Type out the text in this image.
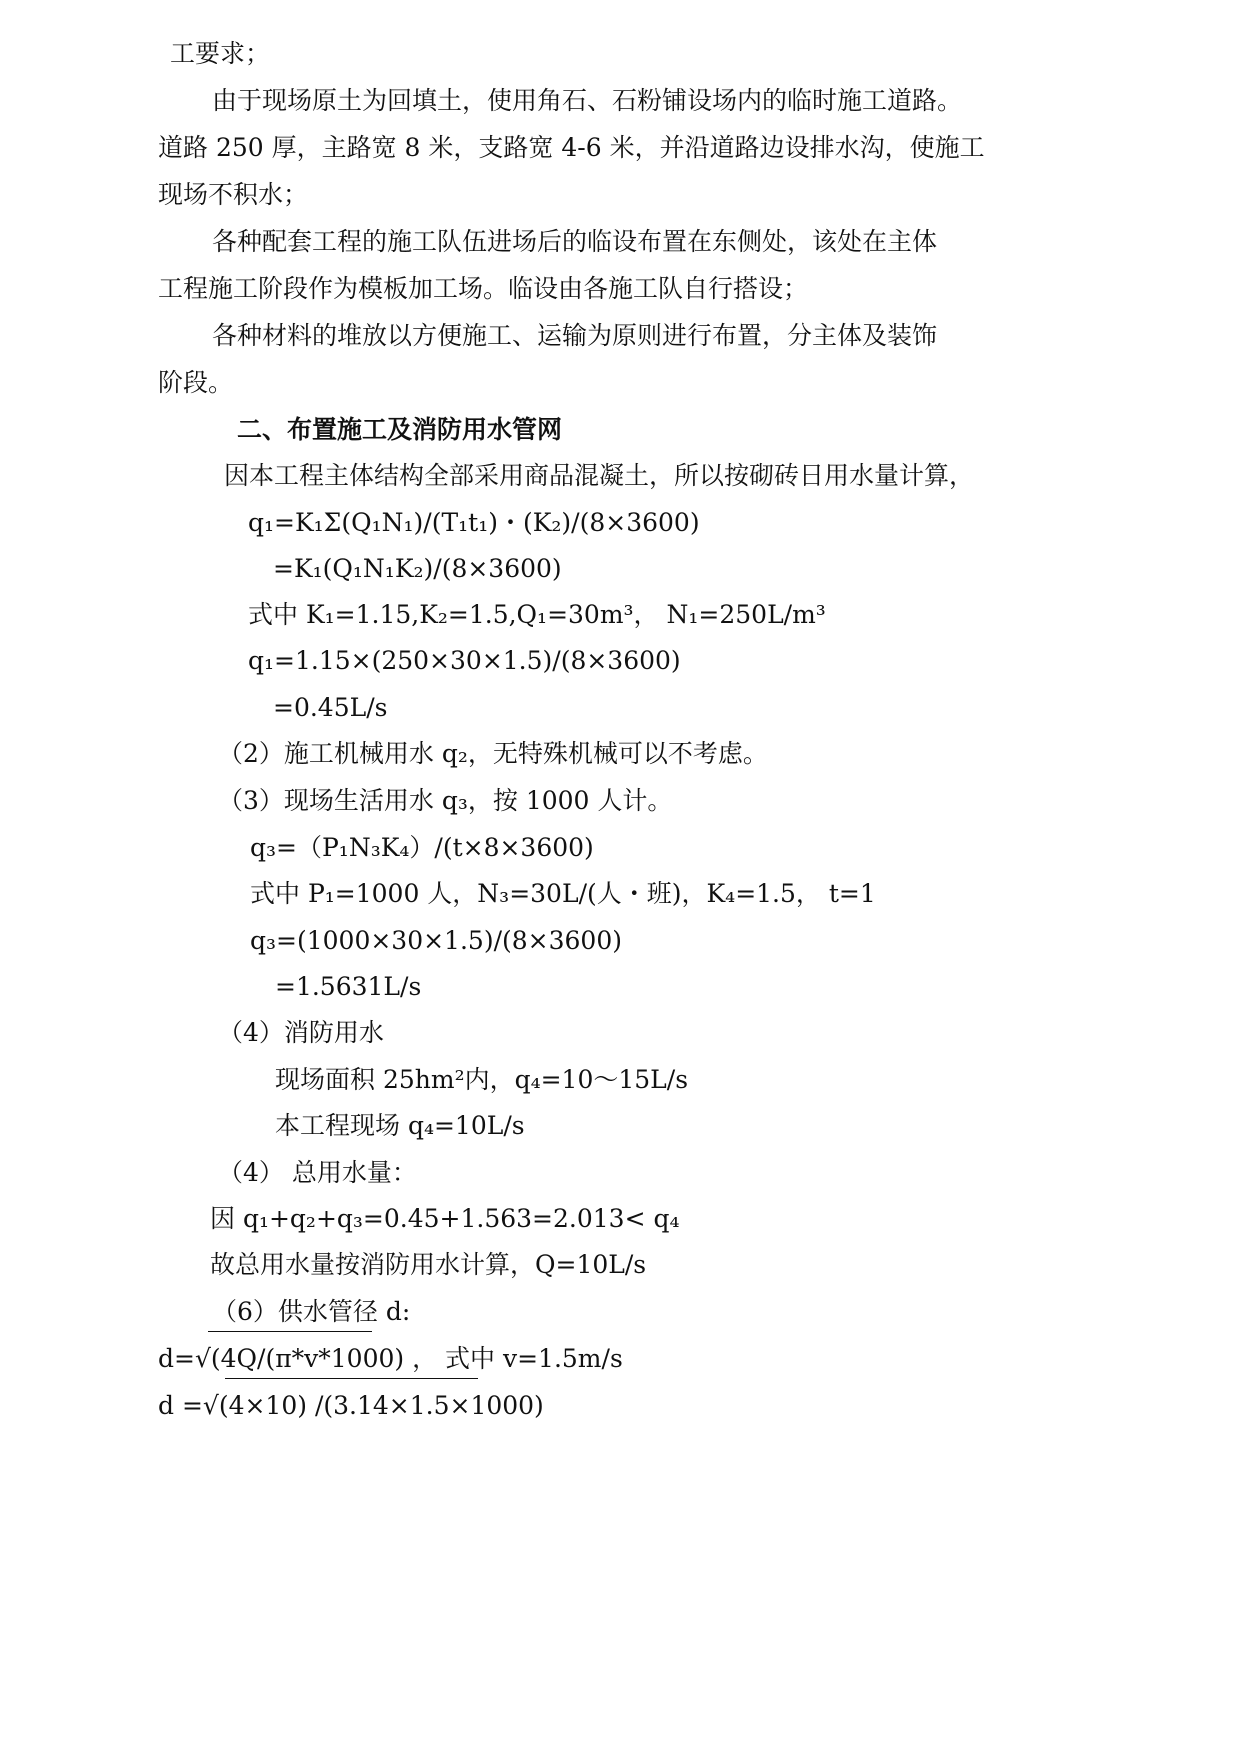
工要求；
由于现场原土为回填土，使用角石、石粉铺设场内的临时施工道路。
道路 250 厚，主路宽 8 米，支路宽 4-6 米，并沿道路边设排水沟，使施工
现场不积水；
各种配套工程的施工队伍进场后的临设布置在东侧处，该处在主体
工程施工阶段作为模板加工场。临设由各施工队自行搭设；
各种材料的堆放以方便施工、运输为原则进行布置，分主体及装饰
阶段。
二、布置施工及消防用水管网
因本工程主体结构全部采用商品混凝土，所以按砌砖日用水量计算，
q₁=K₁Σ(Q₁N₁)/(T₁t₁)・(K₂)/(8×3600)
=K₁(Q₁N₁K₂)/(8×3600)
式中 K₁=1.15,K₂=1.5,Q₁=30m³， N₁=250L/m³
q₁=1.15×(250×30×1.5)/(8×3600)
=0.45L/s
（2）施工机械用水 q₂，无特殊机械可以不考虑。
（3）现场生活用水 q₃，按 1000 人计。
q₃=（P₁N₃K₄）/(t×8×3600)
式中 P₁=1000 人，N₃=30L/(人・班)，K₄=1.5， t=1
q₃=(1000×30×1.5)/(8×3600)
=1.5631L/s
（4）消防用水
现场面积 25hm²内，q₄=10～15L/s
本工程现场 q₄=10L/s
（4） 总用水量：
因 q₁+q₂+q₃=0.45+1.563=2.013< q₄
故总用水量按消防用水计算，Q=10L/s
（6）供水管径 d:
d=√(4Q/(π*v*1000) ， 式中 v=1.5m/s
d =√(4×10) /(3.14×1.5×1000)
